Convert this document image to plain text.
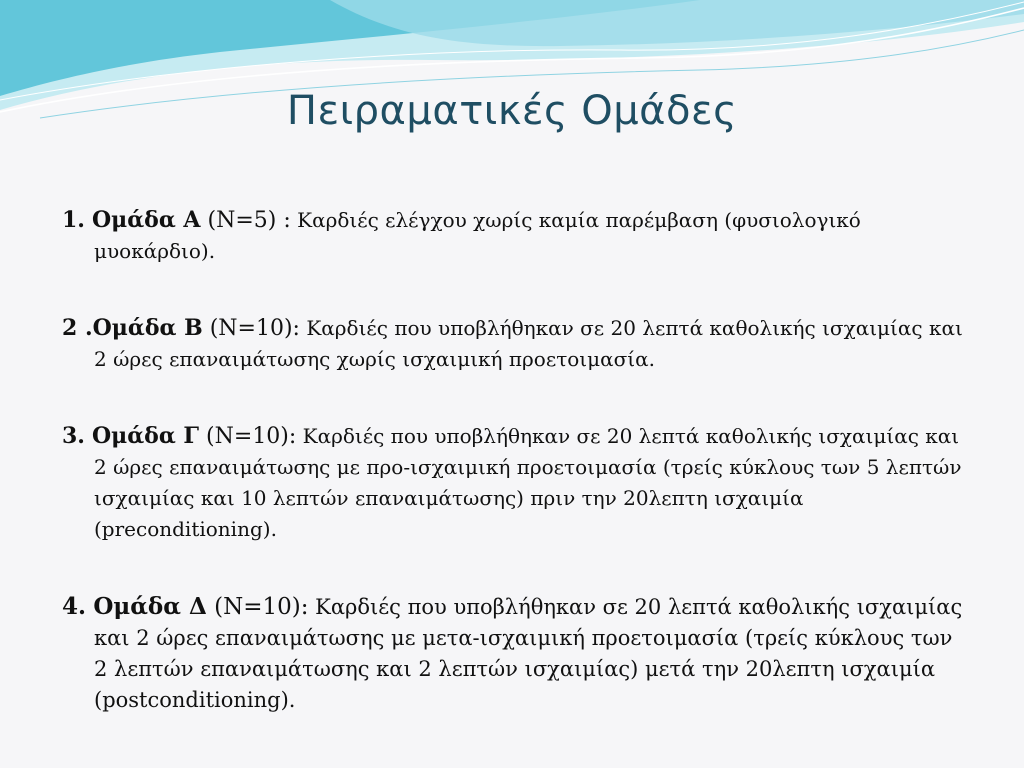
Πειραματικές Ομάδες

1. Ομάδα Α (N=5) : Καρδιές ελέγχου χωρίς καμία παρέμβαση (φυσιολογικό μυοκάρδιο).

2 .Ομάδα Β (N=10): Καρδιές που υποβλήθηκαν σε 20 λεπτά καθολικής ισχαιμίας και 2 ώρες επαναιμάτωσης χωρίς ισχαιμική προετοιμασία.

3. Ομάδα Γ (N=10): Καρδιές που υποβλήθηκαν σε 20 λεπτά καθολικής ισχαιμίας και 2 ώρες επαναιμάτωσης με προ-ισχαιμική προετοιμασία (τρείς κύκλους των 5 λεπτών ισχαιμίας και 10 λεπτών επαναιμάτωσης) πριν την 20λεπτη ισχαιμία (preconditioning).

4. Ομάδα Δ (N=10): Καρδιές που υποβλήθηκαν σε 20 λεπτά καθολικής ισχαιμίας και 2 ώρες επαναιμάτωσης με μετα-ισχαιμική προετοιμασία (τρείς κύκλους των 2 λεπτών επαναιμάτωσης και 2 λεπτών ισχαιμίας) μετά την 20λεπτη ισχαιμία (postconditioning).
